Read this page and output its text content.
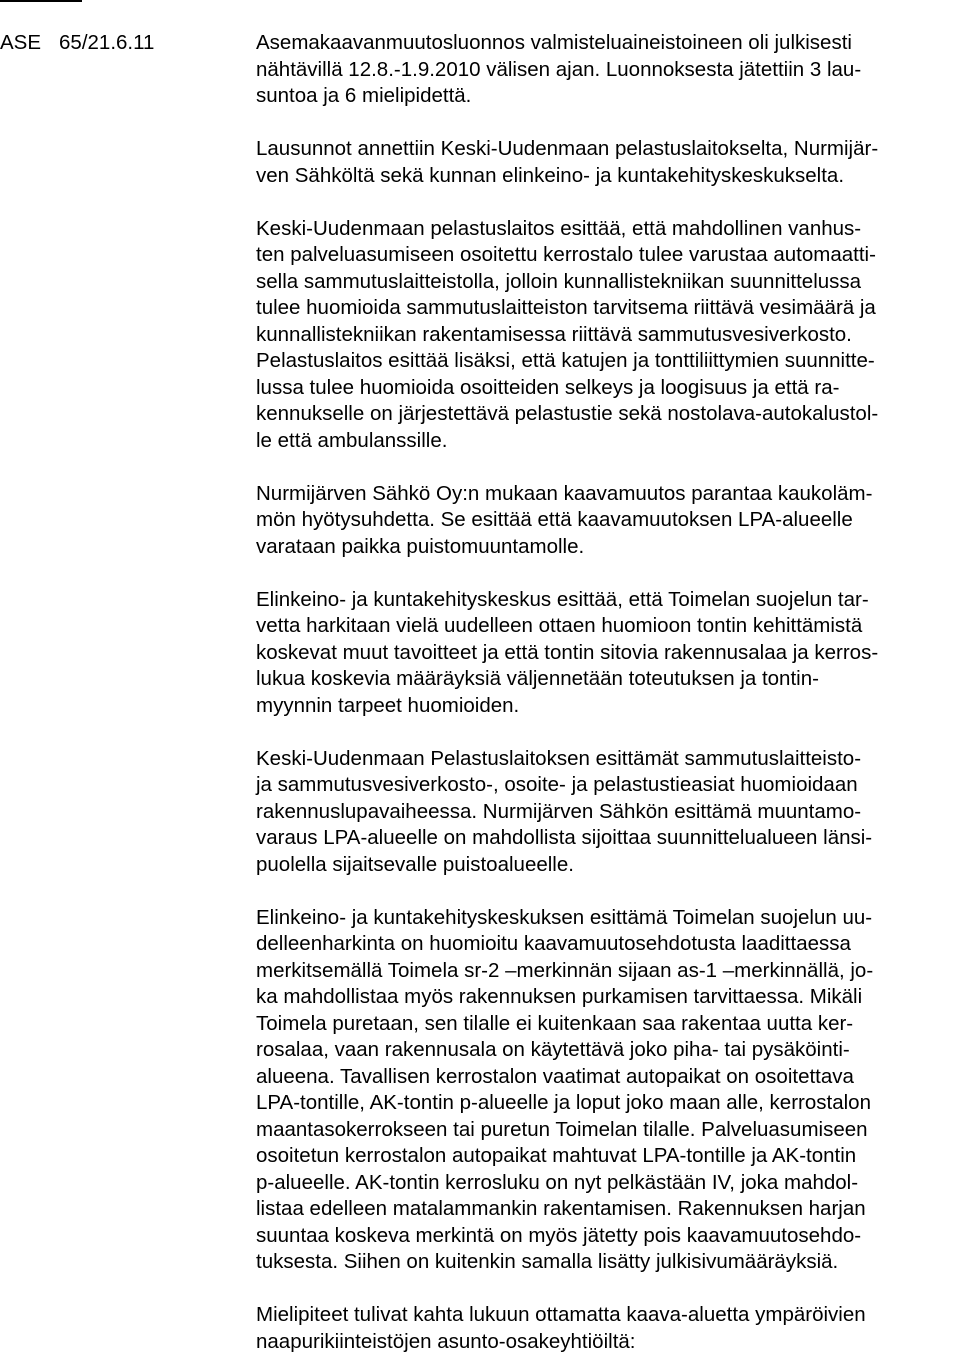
ASE 65/21.6.11	Asemakaavanmuutosluonnos valmisteluaineistoineen oli julkisesti
nähtävillä 12.8.-1.9.2010 välisen ajan. Luonnoksesta jätettiin 3 lau-
suntoa ja 6 mielipidettä.
Lausunnot annettiin Keski-Uudenmaan pelastuslaitokselta, Nurmijär-
ven Sähköltä sekä kunnan elinkeino- ja kuntakehityskeskukselta.
Keski-Uudenmaan pelastuslaitos esittää, että mahdollinen vanhus-
ten palveluasumiseen osoitettu kerrostalo tulee varustaa automaatti-
sella sammutuslaitteistolla, jolloin kunnallistekniikan suunnittelussa
tulee huomioida sammutuslaitteiston tarvitsema riittävä vesimäärä ja
kunnallistekniikan rakentamisessa riittävä sammutusvesiverkosto.
Pelastuslaitos esittää lisäksi, että katujen ja tonttiliittymien suunnitte-
lussa tulee huomioida osoitteiden selkeys ja loogisuus ja että ra-
kennukselle on järjestettävä pelastustie sekä nostolava-autokalustol-
le että ambulanssille.
Nurmijärven Sähkö Oy:n mukaan kaavamuutos parantaa kaukoläm-
mön hyötysuhdetta. Se esittää että kaavamuutoksen LPA-alueelle
varataan paikka puistomuuntamolle.
Elinkeino- ja kuntakehityskeskus esittää, että Toimelan suojelun tar-
vetta harkitaan vielä uudelleen ottaen huomioon tontin kehittämistä
koskevat muut tavoitteet ja että tontin sitovia rakennusalaa ja kerros-
lukua koskevia määräyksiä väljennetään toteutuksen ja tontin-
myynnin tarpeet huomioiden.
Keski-Uudenmaan Pelastuslaitoksen esittämät sammutuslaitteisto-
ja sammutusvesiverkosto-, osoite- ja pelastustieasiat huomioidaan
rakennuslupavaiheessa. Nurmijärven Sähkön esittämä muuntamo-
varaus LPA-alueelle on mahdollista sijoittaa suunnittelualueen länsi-
puolella sijaitsevalle puistoalueelle.
Elinkeino- ja kuntakehityskeskuksen esittämä Toimelan suojelun uu-
delleenharkinta on huomioitu kaavamuutosehdotusta laadittaessa
merkitsemällä Toimela sr-2 –merkinnän sijaan as-1 –merkinnällä, jo-
ka mahdollistaa myös rakennuksen purkamisen tarvittaessa. Mikäli
Toimela puretaan, sen tilalle ei kuitenkaan saa rakentaa uutta ker-
rosalaa, vaan rakennusala on käytettävä joko piha- tai pysäköinti-
alueena. Tavallisen kerrostalon vaatimat autopaikat on osoitettava
LPA-tontille, AK-tontin p-alueelle ja loput joko maan alle, kerrostalon
maantasokerrokseen tai puretun Toimelan tilalle. Palveluasumiseen
osoitetun kerrostalon autopaikat mahtuvat LPA-tontille ja AK-tontin
p-alueelle. AK-tontin kerrosluku on nyt pelkästään IV, joka mahdol-
listaa edelleen matalammankin rakentamisen. Rakennuksen harjan
suuntaa koskeva merkintä on myös jätetty pois kaavamuutosehdo-
tuksesta. Siihen on kuitenkin samalla lisätty julkisivumääräyksiä.
Mielipiteet tulivat kahta lukuun ottamatta kaava-aluetta ympäröivien
naapurikiinteistöjen asunto-osakeyhtiöiltä:
